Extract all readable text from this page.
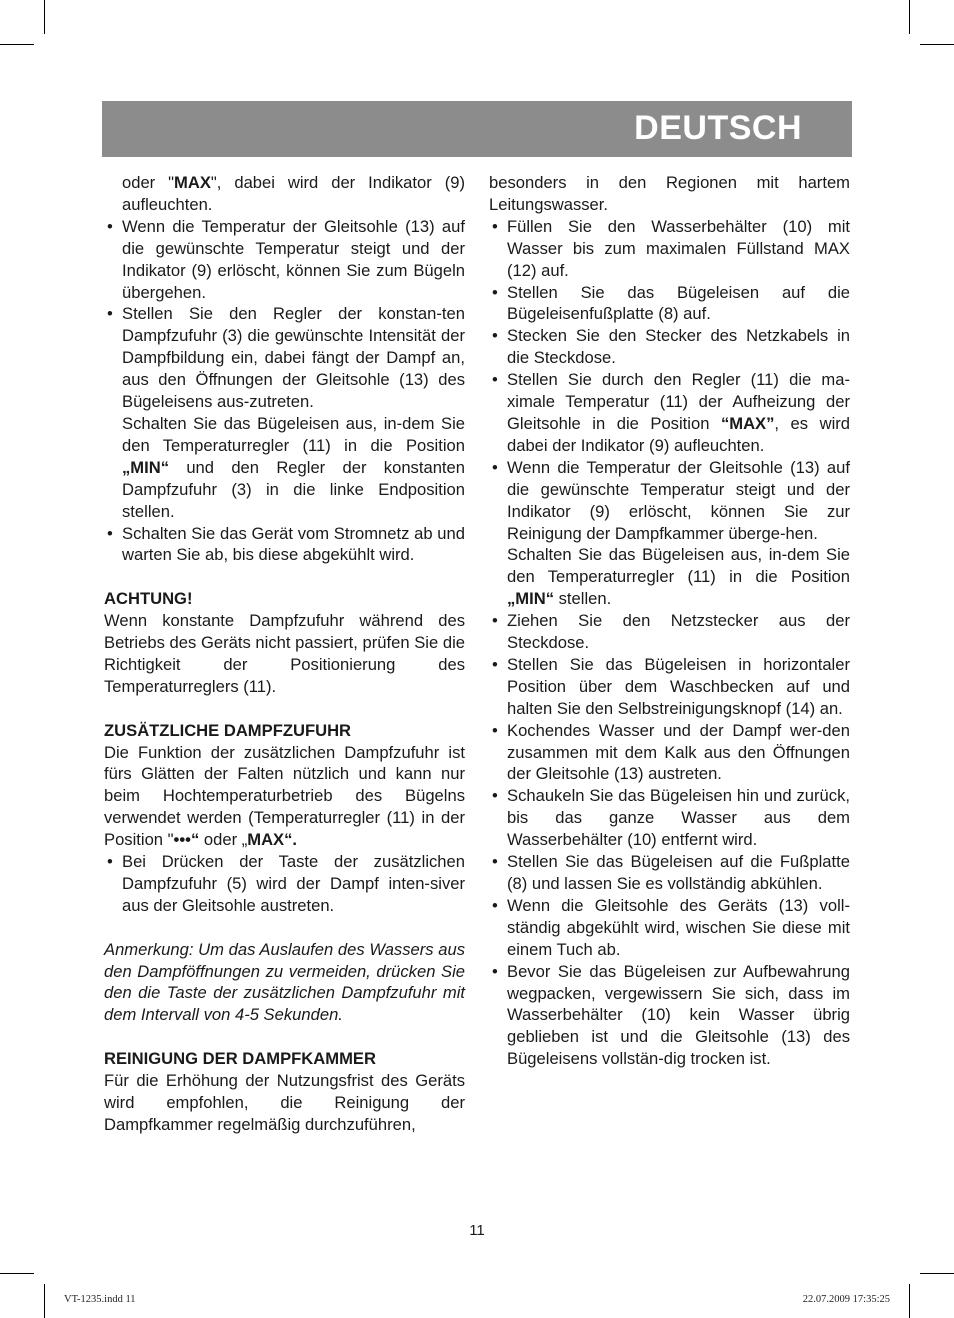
DEUTSCH
oder "MAX", dabei wird der Indikator (9) aufleuchten.
• Wenn die Temperatur der Gleitsohle (13) auf die gewünschte Temperatur steigt und der Indikator (9) erlöscht, können Sie zum Bügeln übergehen.
• Stellen Sie den Regler der konstan-ten Dampfzufuhr (3) die gewünschte Intensität der Dampfbildung ein, dabei fängt der Dampf an, aus den Öffnungen der Gleitsohle (13) des Bügeleisens aus-zutreten.
Schalten Sie das Bügeleisen aus, in-dem Sie den Temperaturregler (11) in die Position „MIN“ und den Regler der konstanten Dampfzufuhr (3) in die linke Endposition stellen.
• Schalten Sie das Gerät vom Stromnetz ab und warten Sie ab, bis diese abgekühlt wird.

ACHTUNG!

Wenn konstante Dampfzufuhr während des Betriebs des Geräts nicht passiert, prüfen Sie die Richtigkeit der Positionierung des Temperaturreglers (11).

ZUSÄTZLICHE DAMPFZUFUHR

Die Funktion der zusätzlichen Dampfzufuhr ist fürs Glätten der Falten nützlich und kann nur beim Hochtemperaturbetrieb des Bügelns verwendet werden (Temperaturregler (11) in der Position "•••“ oder „MAX“.

• Bei Drücken der Taste der zusätzlichen Dampfzufuhr (5) wird der Dampf inten-siver aus der Gleitsohle austreten.

Anmerkung: Um das Auslaufen des Wassers aus den Dampföffnungen zu vermeiden, drücken Sie den die Taste der zusätzlichen Dampfzufuhr mit dem Intervall von 4-5 Sekunden.

REINIGUNG DER DAMPFKAMMER

Für die Erhöhung der Nutzungsfrist des Geräts wird empfohlen, die Reinigung der Dampfkammer regelmäßig durchzuführen,

besonders in den Regionen mit hartem Leitungswasser.

• Füllen Sie den Wasserbehälter (10) mit Wasser bis zum maximalen Füllstand MAX (12) auf.
• Stellen Sie das Bügeleisen auf die Bügeleisenfußplatte (8) auf.
• Stecken Sie den Stecker des Netzkabels in die Steckdose.
• Stellen Sie durch den Regler (11) die ma-ximale Temperatur (11) der Aufheizung der Gleitsohle in die Position “MAX”, es wird dabei der Indikator (9) aufleuchten.
• Wenn die Temperatur der Gleitsohle (13) auf die gewünschte Temperatur steigt und der Indikator (9) erlöscht, können Sie zur Reinigung der Dampfkammer überge-hen.
Schalten Sie das Bügeleisen aus, in-dem Sie den Temperaturregler (11) in die Position „MIN“ stellen.
• Ziehen Sie den Netzstecker aus der Steckdose.
• Stellen Sie das Bügeleisen in horizontaler Position über dem Waschbecken auf und halten Sie den Selbstreinigungsknopf (14) an.
• Kochendes Wasser und der Dampf wer-den zusammen mit dem Kalk aus den Öffnungen der Gleitsohle (13) austreten.
• Schaukeln Sie das Bügeleisen hin und zurück, bis das ganze Wasser aus dem Wasserbehälter (10) entfernt wird.
• Stellen Sie das Bügeleisen auf die Fußplatte (8) und lassen Sie es vollständig abkühlen.
• Wenn die Gleitsohle des Geräts (13) voll-ständig abgekühlt wird, wischen Sie diese mit einem Tuch ab.
• Bevor Sie das Bügeleisen zur Aufbewahrung wegpacken, vergewissern Sie sich, dass im Wasserbehälter (10) kein Wasser übrig geblieben ist und die Gleitsohle (13) des Bügeleisens vollstän-dig trocken ist.
11
VT-1235.indd 11	22.07.2009 17:35:25
